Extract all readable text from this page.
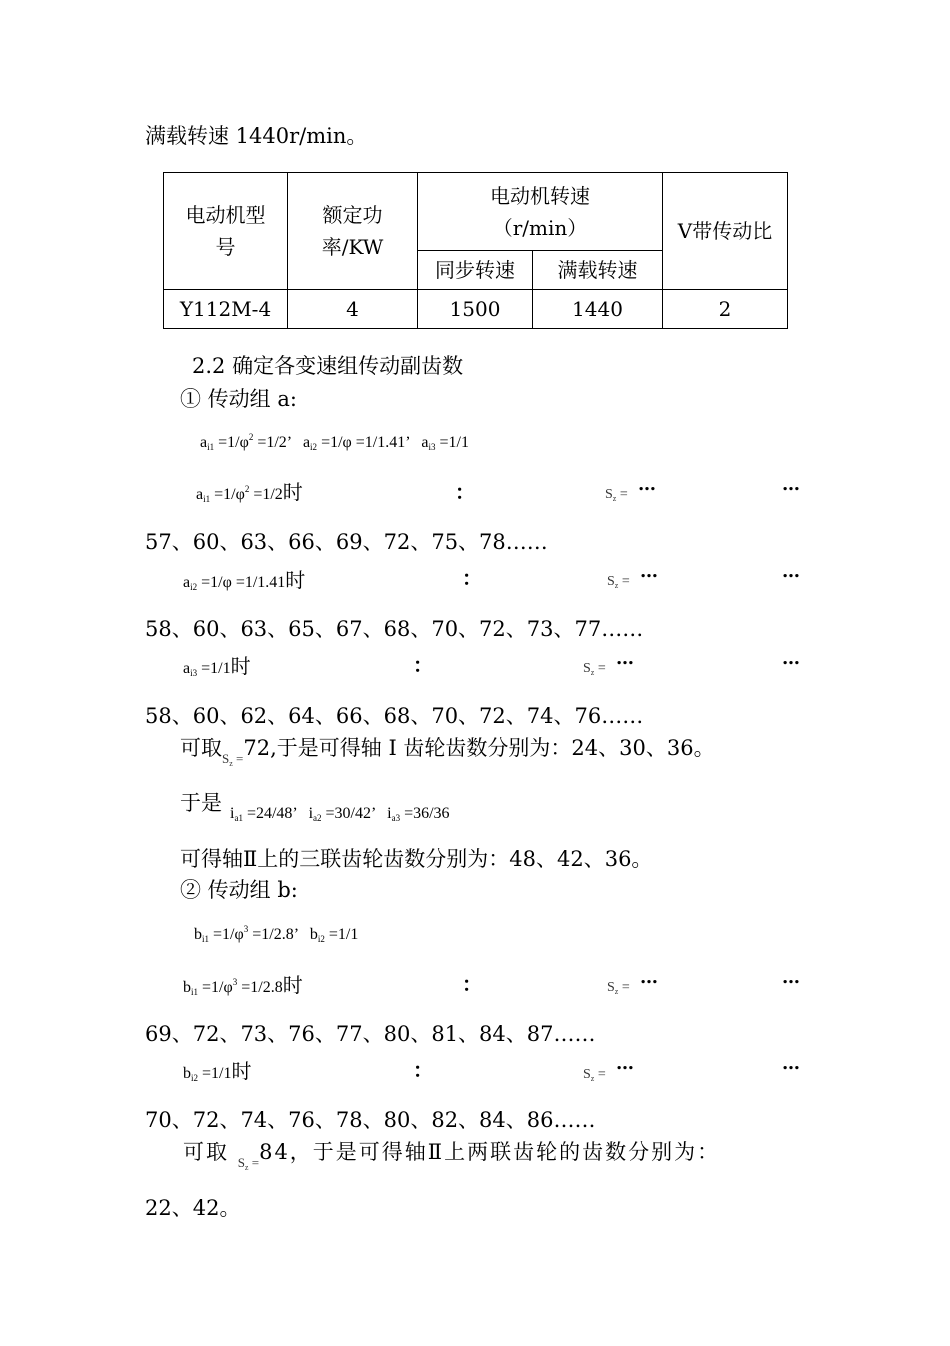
满载转速 1440r/min。
电动机型号	额定功率/KW	电动机转速（r/min）		V带传动比
		同步转速	满载转速	
Y112M-4	4	1500	1440	2
2.2 确定各变速组传动副齿数
① 传动组 a:
$a_{i1} =1/\varphi^2 =1/2$’ $a_{i2} =1/\varphi =1/1.41$’ $a_{i3} =1/1$
$a_{i1} =1/\varphi^2 =1/2$时	：	$S_z$ = …	…
57、60、63、66、69、72、75、78……
$a_{i2} =1/\varphi =1/1.41$时	：	$S_z$ = …	…
58、60、63、65、67、68、70、72、73、77……
$a_{i3} =1/1$时	：	$S_z$ = …	…
58、60、62、64、66、68、70、72、74、76……
可取$_{S_z =}$72,于是可得轴 I 齿轮齿数分别为：24、30、36。
于是 $i_{a1} =24/48$’ $i_{a2} =30/42$’ $i_{a3} =36/36$
可得轴Ⅱ上的三联齿轮齿数分别为：48、42、36。
② 传动组 b:
$b_{i1} =1/\varphi^3 =1/2.8$’ $b_{i2} =1/1$
$b_{i1} =1/\varphi^3 =1/2.8$时	：	$S_z$ = …	…
69、72、73、76、77、80、81、84、87……
$b_{i2} =1/1$时	：	$S_z$ =
…	…
70、72、74、76、78、80、82、84、86……
可取 $_{S_z =}$84，于是可得轴Ⅱ上两联齿轮的齿数分别为：
22、42。
